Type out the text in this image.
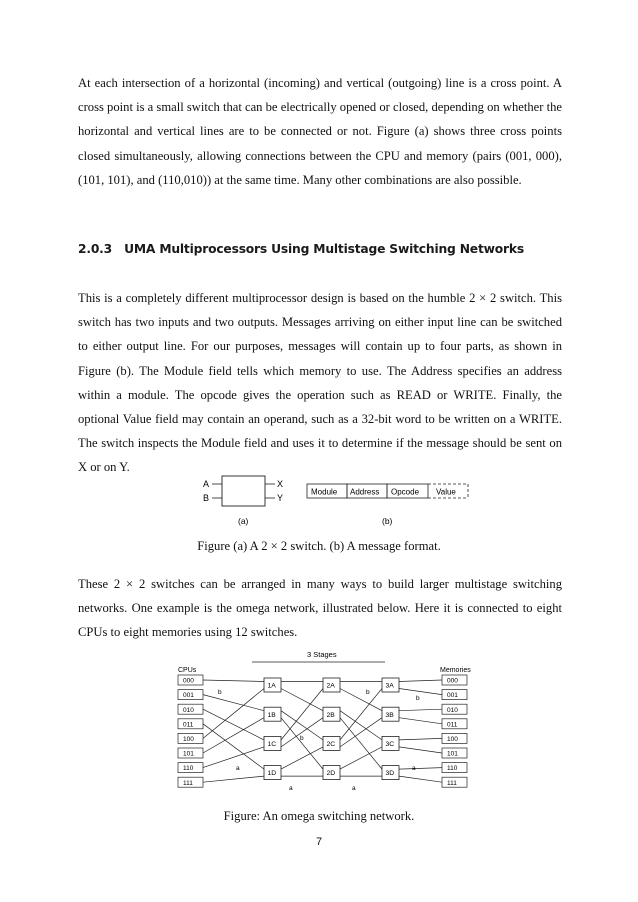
At each intersection of a horizontal (incoming) and vertical (outgoing) line is a cross point. A cross point is a small switch that can be electrically opened or closed, depending on whether the horizontal and vertical lines are to be connected or not. Figure (a) shows three cross points closed simultaneously, allowing connections between the CPU and memory (pairs (001, 000), (101, 101), and (110,010)) at the same time. Many other combinations are also possible.

2.0.3 UMA Multiprocessors Using Multistage Switching Networks

This is a completely different multiprocessor design is based on the humble 2 × 2 switch. This switch has two inputs and two outputs. Messages arriving on either input line can be switched to either output line. For our purposes, messages will contain up to four parts, as shown in Figure (b). The Module field tells which memory to use. The Address specifies an address within a module. The opcode gives the operation such as READ or WRITE. Finally, the optional Value field may contain an operand, such as a 32-bit word to be written on a WRITE. The switch inspects the Module field and uses it to determine if the message should be sent on X or on Y.

A
B
X
Y
(a)
Module Address Opcode Value
(b)

Figure (a) A 2 × 2 switch. (b) A message format.

These 2 × 2 switches can be arranged in many ways to build larger multistage switching networks. One example is the omega network, illustrated below. Here it is connected to eight CPUs to eight memories using 12 switches.

3 Stages
CPUs	Memories
000
001
010
011
100
101
110
111
000
001
010
011
100
101
110
111
1A
1B
1C
1D
2A
2B
2C
2D
3A
3B
3C
3D
b
b
b
b
a
a	a
a

Figure: An omega switching network.

7
